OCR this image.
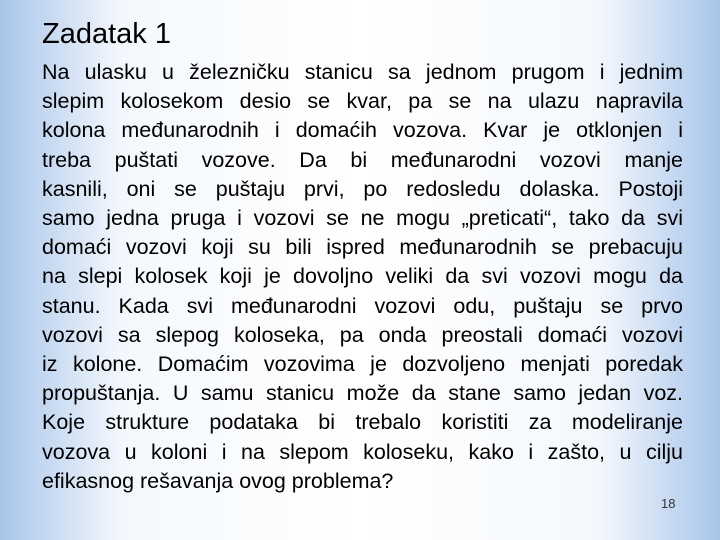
Zadatak 1

Na ulasku u železničku stanicu sa jednom prugom i jednim
slepim kolosekom desio se kvar, pa se na ulazu napravila
kolona međunarodnih i domaćih vozova. Kvar je otklonjen i
treba puštati vozove. Da bi međunarodni vozovi manje
kasnili, oni se puštaju prvi, po redosledu dolaska. Postoji
samo jedna pruga i vozovi se ne mogu „preticati“, tako da svi
domaći vozovi koji su bili ispred međunarodnih se prebacuju
na slepi kolosek koji je dovoljno veliki da svi vozovi mogu da
stanu. Kada svi međunarodni vozovi odu, puštaju se prvo
vozovi sa slepog koloseka, pa onda preostali domaći vozovi
iz kolone. Domaćim vozovima je dozvoljeno menjati poredak
propuštanja. U samu stanicu može da stane samo jedan voz.

Koje strukture podataka bi trebalo koristiti za modeliranje
vozova u koloni i na slepom koloseku, kako i zašto, u cilju
efikasnog rešavanja ovog problema?

18
